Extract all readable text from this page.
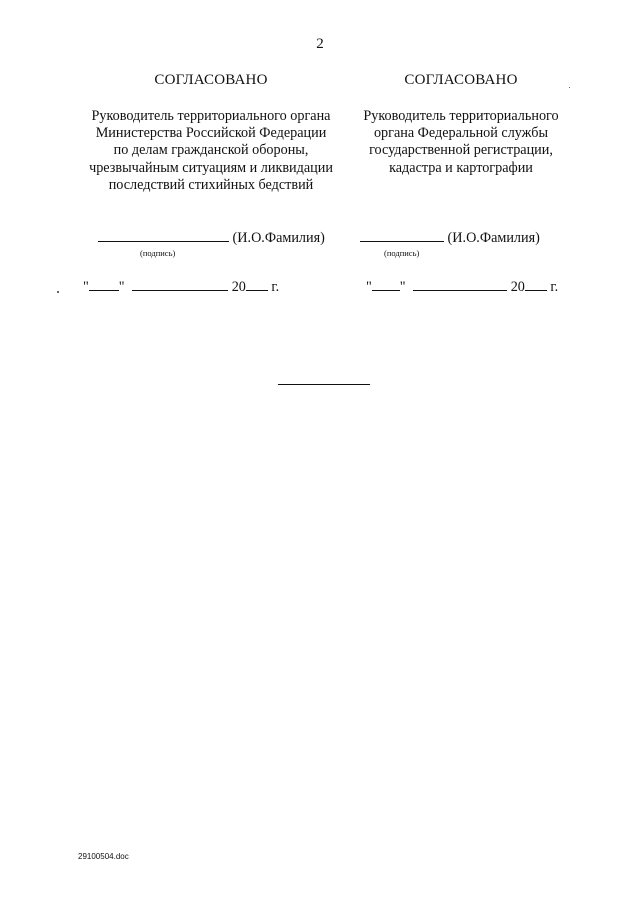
2
СОГЛАСОВАНО
Руководитель территориального органа
Министерства Российской Федерации
по делам гражданской обороны,
чрезвычайным ситуациям и ликвидации
последствий стихийных бедствий
(И.О.Фамилия)
(подпись)
" "	20 г.
СОГЛАСОВАНО
Руководитель территориального
органа Федеральной службы
государственной регистрации,
кадастра и картографии
(И.О.Фамилия)
(подпись)
" "	20 г.
29100504.doc
